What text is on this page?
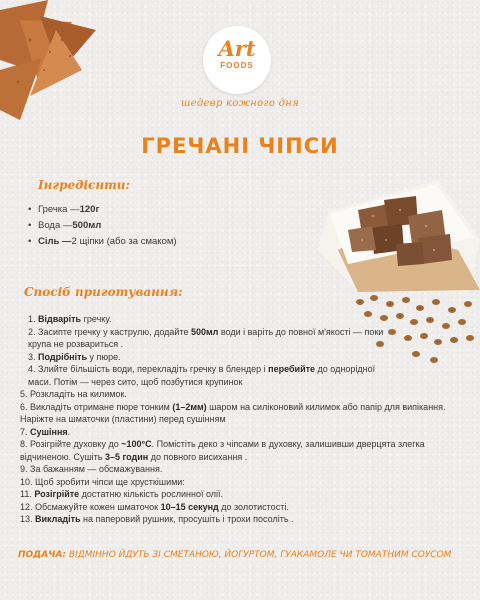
Art
FOODS
шедевр кожного дня
ГРЕЧАНІ ЧІПСИ
Інгредієнти:
• Гречка — 120г
• Вода — 500мл
• Сіль — 2 щіпки (або за смаком)
Спосіб приготування:
1. Відваріть гречку.
2. Засипте гречку у каструлю, додайте 500мл води і варіть до повної м'якості — поки крупа не розвариться .
3. Подрібніть у пюре.
4. Злийте більшість води, перекладіть гречку в блендер і перебийте до однорідної маси. Потім — через сито, щоб позбутися крупинок
5. Розкладіть на килимок.
6. Викладіть отримане пюре тонким (1–2мм) шаром на силіконовий килимок або папір для випікання. Наріжте на шматочки (пластини) перед сушінням
7. Сушіння.
8. Розігрійте духовку до ~100°C. Помістіть деко з чіпсами в духовку, залишивши дверцята злегка відчиненою. Сушіть 3–5 годин до повного висихання .
9. За бажанням — обсмажування.
10. Щоб зробити чіпси ще хрусткішими:
11. Розігрійте достатню кількість рослинної олії.
12. Обсмажуйте кожен шматочок 10–15 секунд до золотистості.
13. Викладіть на паперовий рушник, просушіть і трохи посоліть .
ПОДАЧА: ВІДМІННО ЙДУТЬ ЗІ СМЕТАНОЮ, ЙОГУРТОМ, ГУАКАМОЛЕ ЧИ ТОМАТНИМ СОУСОМ
